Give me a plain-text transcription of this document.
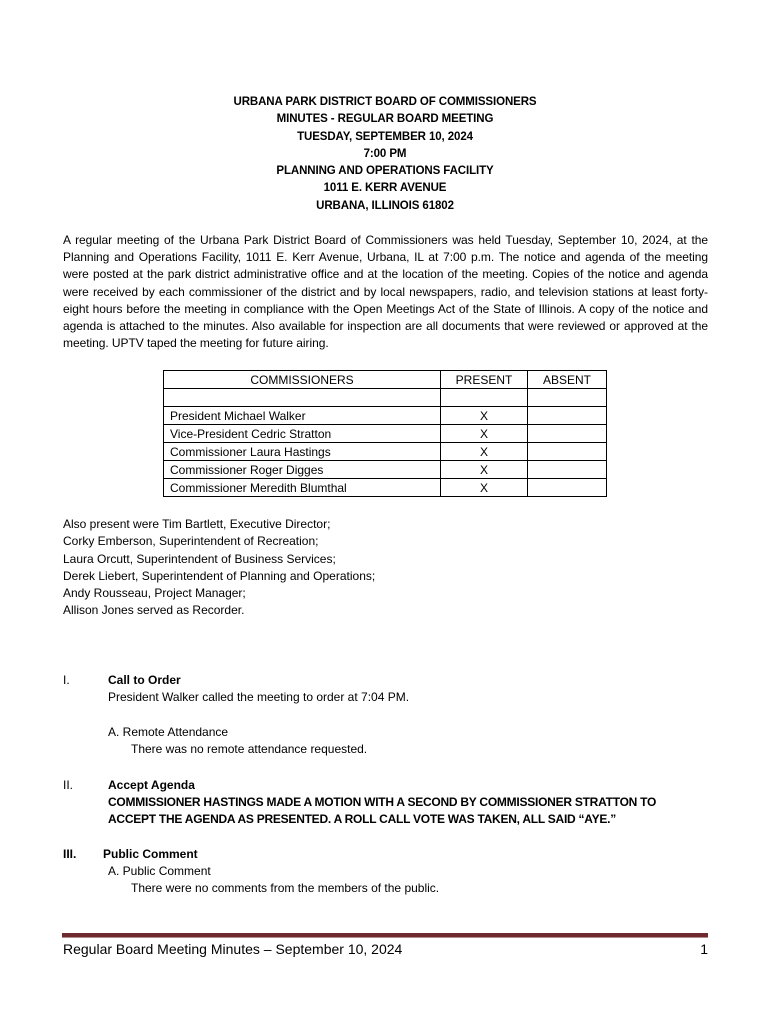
URBANA PARK DISTRICT BOARD OF COMMISSIONERS
MINUTES - REGULAR BOARD MEETING
TUESDAY, SEPTEMBER 10, 2024
7:00 PM
PLANNING AND OPERATIONS FACILITY
1011 E. KERR AVENUE
URBANA, ILLINOIS 61802
A regular meeting of the Urbana Park District Board of Commissioners was held Tuesday, September 10, 2024, at the Planning and Operations Facility, 1011 E. Kerr Avenue, Urbana, IL at 7:00 p.m. The notice and agenda of the meeting were posted at the park district administrative office and at the location of the meeting. Copies of the notice and agenda were received by each commissioner of the district and by local newspapers, radio, and television stations at least forty-eight hours before the meeting in compliance with the Open Meetings Act of the State of Illinois. A copy of the notice and agenda is attached to the minutes. Also available for inspection are all documents that were reviewed or approved at the meeting. UPTV taped the meeting for future airing.
COMMISSIONERS	PRESENT	ABSENT

President Michael Walker	X	
Vice-President Cedric Stratton	X	
Commissioner Laura Hastings	X	
Commissioner Roger Digges	X	
Commissioner Meredith Blumthal	X	
Also present were Tim Bartlett, Executive Director;
Corky Emberson, Superintendent of Recreation;
Laura Orcutt, Superintendent of Business Services;
Derek Liebert, Superintendent of Planning and Operations;
Andy Rousseau, Project Manager;
Allison Jones served as Recorder.
I.	Call to Order
President Walker called the meeting to order at 7:04 PM.
A. Remote Attendance
There was no remote attendance requested.
II.	Accept Agenda
COMMISSIONER HASTINGS MADE A MOTION WITH A SECOND BY COMMISSIONER STRATTON TO
ACCEPT THE AGENDA AS PRESENTED. A ROLL CALL VOTE WAS TAKEN, ALL SAID “AYE.”
III. Public Comment
A. Public Comment
There were no comments from the members of the public.
Regular Board Meeting Minutes – September 10, 2024	1
